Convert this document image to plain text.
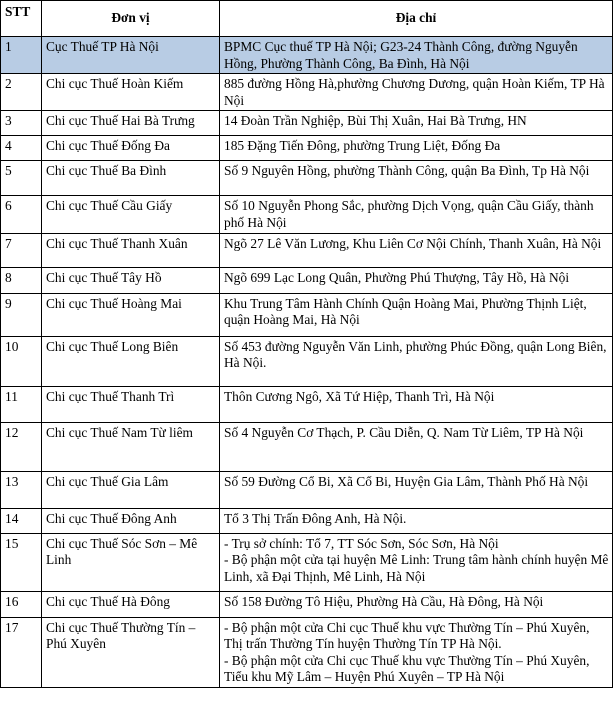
STT	Đơn vị	Địa chỉ
1	Cục Thuế TP Hà Nội	BPMC Cục thuế TP Hà Nội; G23-24 Thành Công, đường Nguyễn Hồng, Phường Thành Công, Ba Đình, Hà Nội

2	Chi cục Thuế Hoàn Kiếm	885 đường Hồng Hà,phường Chương Dương, quận Hoàn Kiếm, TP Hà Nội

3	Chi cục Thuế Hai Bà Trưng	14 Đoàn Trần Nghiệp, Bùi Thị Xuân, Hai Bà Trưng, HN

4	Chi cục Thuế Đống Đa	185 Đặng Tiến Đông, phường Trung Liệt, Đống Đa

5	Chi cục Thuế Ba Đình	Số 9 Nguyên Hồng, phường Thành Công, quận Ba Đình, Tp Hà Nội

6	Chi cục Thuế Cầu Giấy	Số 10 Nguyễn Phong Sắc, phường Dịch Vọng, quận Cầu Giấy, thành phố Hà Nội

7	Chi cục Thuế Thanh Xuân	Ngõ 27 Lê Văn Lương, Khu Liên Cơ Nội Chính, Thanh Xuân, Hà Nội

8	Chi cục Thuế Tây Hồ	Ngõ 699 Lạc Long Quân, Phường Phú Thượng, Tây Hồ, Hà Nội

9	Chi cục Thuế Hoàng Mai	Khu Trung Tâm Hành Chính Quận Hoàng Mai, Phường Thịnh Liệt, quận Hoàng Mai, Hà Nội

10	Chi cục Thuế Long Biên	Số 453 đường Nguyễn Văn Linh, phường Phúc Đồng, quận Long Biên, Hà Nội.

11	Chi cục Thuế Thanh Trì	Thôn Cương Ngô, Xã Tứ Hiệp, Thanh Trì, Hà Nội

12	Chi cục Thuế Nam Từ liêm	Số 4 Nguyễn Cơ Thạch, P. Cầu Diễn, Q. Nam Từ Liêm, TP Hà Nội

13	Chi cục Thuế Gia Lâm	Số 59 Đường Cổ Bi, Xã Cổ Bi, Huyện Gia Lâm, Thành Phố Hà Nội

14	Chi cục Thuế Đông Anh	Tổ 3 Thị Trấn Đông Anh, Hà Nội.

15	Chi cục Thuế Sóc Sơn – Mê Linh	- Trụ sở chính: Tổ 7, TT Sóc Sơn, Sóc Sơn, Hà Nội
- Bộ phận một cửa tại huyện Mê Linh: Trung tâm hành chính huyện Mê Linh, xã Đại Thịnh, Mê Linh, Hà Nội

16	Chi cục Thuế Hà Đông	Số 158 Đường Tô Hiệu, Phường Hà Cầu, Hà Đông, Hà Nội

17	Chi cục Thuế Thường Tín – Phú Xuyên	- Bộ phận một cửa Chi cục Thuế khu vực Thường Tín – Phú Xuyên, Thị trấn Thường Tín huyện Thường Tín TP Hà Nội.
- Bộ phận một cửa Chi cục Thuế khu vực Thường Tín – Phú Xuyên, Tiểu khu Mỹ Lâm – Huyện Phú Xuyên – TP Hà Nội
